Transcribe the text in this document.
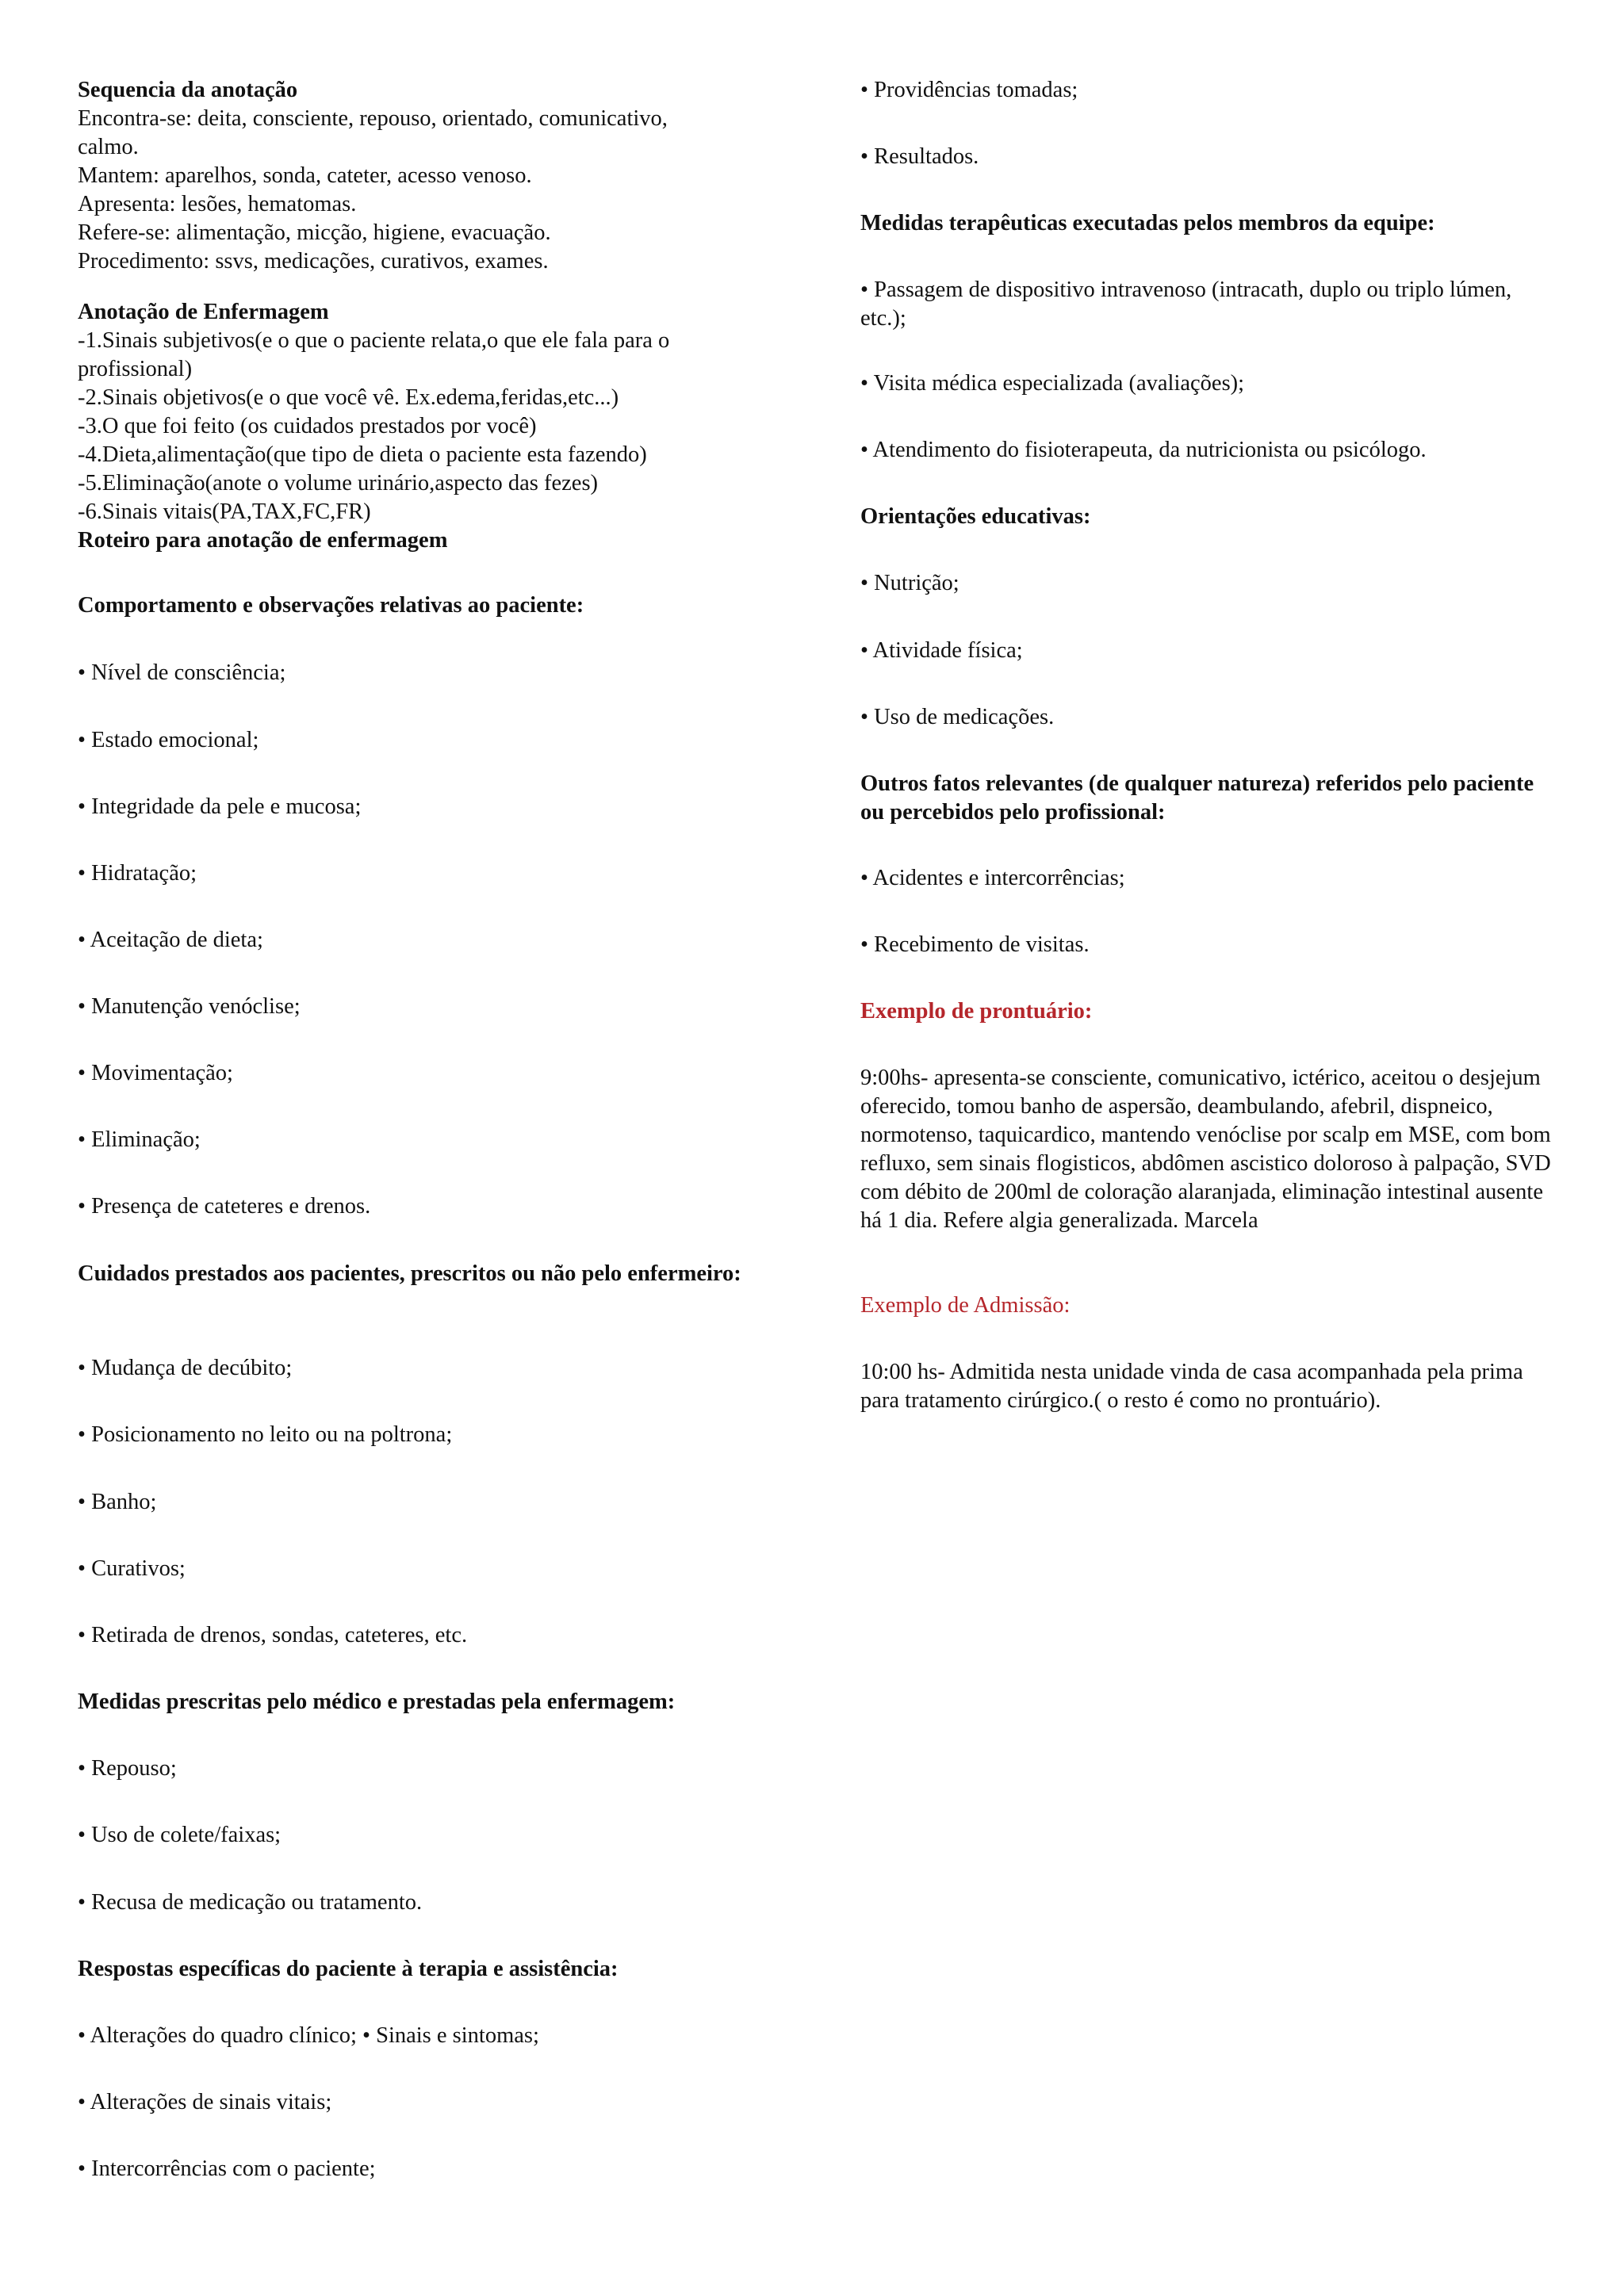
Sequencia da anotação
Encontra-se: deita, consciente, repouso, orientado, comunicativo,
calmo.
Mantem: aparelhos, sonda, cateter, acesso venoso.
Apresenta: lesões, hematomas.
Refere-se: alimentação, micção, higiene, evacuação.
Procedimento: ssvs, medicações, curativos, exames.
Anotação de Enfermagem
-1.Sinais subjetivos(e o que o paciente relata,o que ele fala para o
profissional)
-2.Sinais objetivos(e o que você vê. Ex.edema,feridas,etc...)
-3.O que foi feito (os cuidados prestados por você)
-4.Dieta,alimentação(que tipo de dieta o paciente esta fazendo)
-5.Eliminação(anote o volume urinário,aspecto das fezes)
-6.Sinais vitais(PA,TAX,FC,FR)
Roteiro para anotação de enfermagem
Comportamento e observações relativas ao paciente:
• Nível de consciência;
• Estado emocional;
• Integridade da pele e mucosa;
• Hidratação;
• Aceitação de dieta;
• Manutenção venóclise;
• Movimentação;
• Eliminação;
• Presença de cateteres e drenos.
Cuidados prestados aos pacientes, prescritos ou não pelo enfermeiro:
• Mudança de decúbito;
• Posicionamento no leito ou na poltrona;
• Banho;
• Curativos;
• Retirada de drenos, sondas, cateteres, etc.
Medidas prescritas pelo médico e prestadas pela enfermagem:
• Repouso;
• Uso de colete/faixas;
• Recusa de medicação ou tratamento.
Respostas específicas do paciente à terapia e assistência:
• Alterações do quadro clínico; • Sinais e sintomas;
• Alterações de sinais vitais;
• Intercorrências com o paciente;
• Providências tomadas;
• Resultados.
Medidas terapêuticas executadas pelos membros da equipe:

• Passagem de dispositivo intravenoso (intracath, duplo ou triplo lúmen, etc.);

• Visita médica especializada (avaliações);
• Atendimento do fisioterapeuta, da nutricionista ou psicólogo.
Orientações educativas:
• Nutrição;
• Atividade física;
• Uso de medicações.

Outros fatos relevantes (de qualquer natureza) referidos pelo paciente ou percebidos pelo profissional:

• Acidentes e intercorrências;
• Recebimento de visitas.
Exemplo de prontuário:

9:00hs- apresenta-se consciente, comunicativo, ictérico, aceitou o desjejum oferecido, tomou banho de aspersão, deambulando, afebril, dispneico, normotenso, taquicardico, mantendo venóclise por scalp em MSE, com bom refluxo, sem sinais flogisticos, abdômen ascistico doloroso à palpação, SVD com débito de 200ml de coloração alaranjada, eliminação intestinal ausente há 1 dia. Refere algia generalizada. Marcela

Exemplo de Admissão:

10:00 hs- Admitida nesta unidade vinda de casa acompanhada pela prima para tratamento cirúrgico.( o resto é como no prontuário).
